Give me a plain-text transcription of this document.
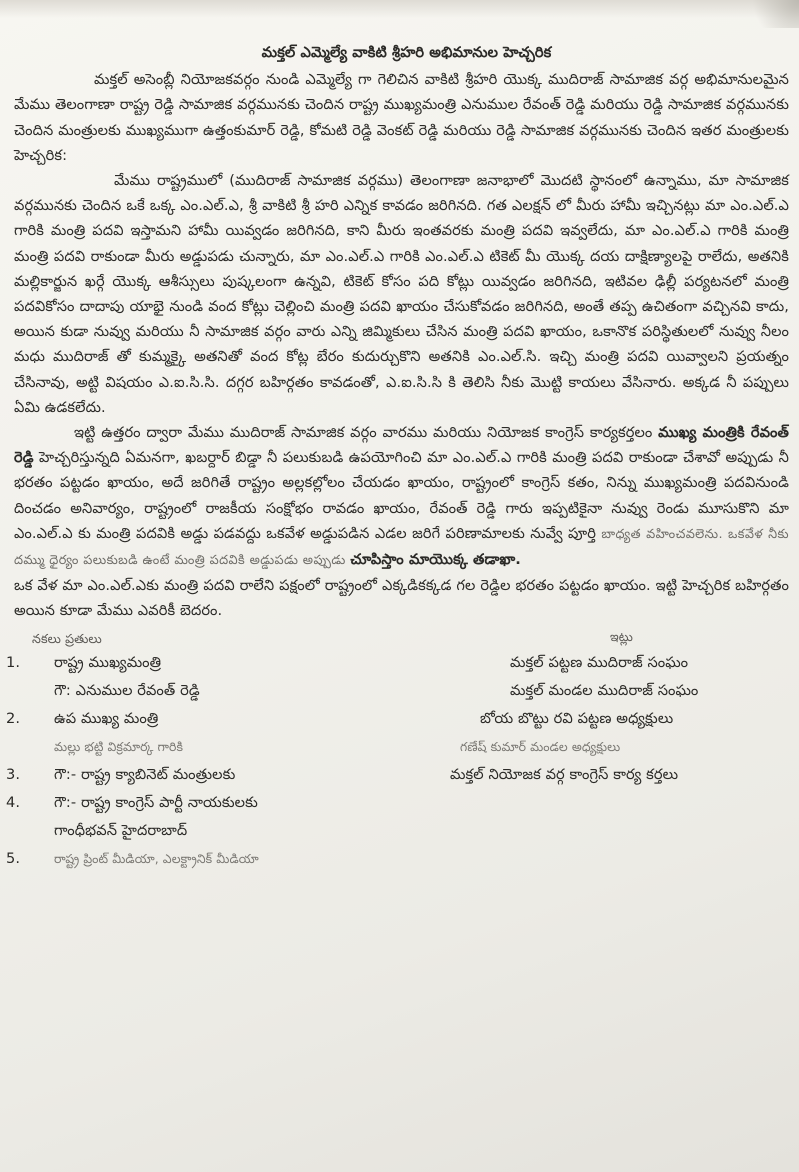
మక్తల్ ఎమ్మెల్యే వాకిటి శ్రీహరి అభిమానుల హెచ్చరిక

మక్తల్ అసెంబ్లీ నియోజకవర్గం నుండి ఎమ్మెల్యే గా గెలిచిన వాకిటి శ్రీహరి యొక్క ముదిరాజ్ సామాజిక వర్గ అభిమానులమైన మేము తెలంగాణా రాష్ట్ర రెడ్డి సామాజిక వర్గమునకు చెందిన రాష్ట్ర ముఖ్యమంత్రి ఎనుముల రేవంత్ రెడ్డి మరియు రెడ్డి సామాజిక వర్గమునకు చెందిన మంత్రులకు ముఖ్యముగా ఉత్తంకుమార్ రెడ్డి, కోమటి రెడ్డి వెంకట్ రెడ్డి మరియు రెడ్డి సామాజిక వర్గమునకు చెందిన ఇతర మంత్రులకు హెచ్చరిక:

మేము రాష్ట్రములో (ముదిరాజ్ సామాజిక వర్గము) తెలంగాణా జనాభాలో మొదటి స్థానంలో ఉన్నాము, మా సామాజిక వర్గమునకు చెందిన ఒకే ఒక్క ఎం.ఎల్.ఎ, శ్రీ వాకిటి శ్రీ హరి ఎన్నిక కావడం జరిగినది. గత ఎలక్షన్ లో మీరు హామీ ఇచ్చినట్లు మా ఎం.ఎల్.ఎ గారికి మంత్రి పదవి ఇస్తామని హామీ యివ్వడం జరిగినది, కాని మీరు ఇంతవరకు మంత్రి పదవి ఇవ్వలేదు, మా ఎం.ఎల్.ఎ గారికి మంత్రి మంత్రి పదవి రాకుండా మీరు అడ్డుపడు చున్నారు, మా ఎం.ఎల్.ఎ గారికి ఎం.ఎల్.ఎ టికెట్ మీ యొక్క దయ దాక్షిణ్యాలపై రాలేదు, అతనికి మల్లికార్జున ఖర్గే యొక్క ఆశీస్సులు పుష్కలంగా ఉన్నవి, టికెట్ కోసం పది కోట్లు యివ్వడం జరిగినది, ఇటివల ఢిల్లీ పర్యటనలో మంత్రి పదవికోసం దాదాపు యాభై నుండి వంద కోట్లు చెల్లించి మంత్రి పదవి ఖాయం చేసుకోవడం జరిగినది, అంతే తప్ప ఉచితంగా వచ్చినవి కాదు, అయిన కుడా నువ్వు మరియు నీ సామాజిక వర్గం వారు ఎన్ని జిమ్మికులు చేసిన మంత్రి పదవి ఖాయం, ఒకానొక పరిస్థితులలో నువ్వు నీలం మధు ముదిరాజ్ తో కుమ్మక్కై అతనితో వంద కోట్ల బేరం కుదుర్చుకొని అతనికి ఎం.ఎల్.సి. ఇచ్చి మంత్రి పదవి యివ్వాలని ప్రయత్నం చేసినావు, అట్టి విషయం ఎ.ఐ.సి.సి. దగ్గర బహిర్గతం కావడంతో, ఎ.ఐ.సి.సి కి తెలిసి నీకు మొట్టి కాయలు వేసినారు. అక్కడ నీ పప్పులు ఏమి ఉడకలేదు.

ఇట్టి ఉత్తరం ద్వారా మేము ముదిరాజ్ సామాజిక వర్గం వారము మరియు నియోజక కాంగ్రెస్ కార్యకర్తలం ముఖ్య మంత్రికి రేవంత్ రెడ్డి హెచ్చరిస్తున్నది ఏమనగా, ఖబర్దార్ బిడ్డా నీ పలుకుబడి ఉపయోగించి మా ఎం.ఎల్.ఎ గారికి మంత్రి పదవి రాకుండా చేశావో అప్పుడు నీ భరతం పట్టడం ఖాయం, అదే జరిగితే రాష్ట్రం అల్లకల్లోలం చేయడం ఖాయం, రాష్ట్రంలో కాంగ్రెస్ కతం, నిన్ను ముఖ్యమంత్రి పదవినుండి దించడం అనివార్యం, రాష్ట్రంలో రాజకీయ సంక్షోభం రావడం ఖాయం, రేవంత్ రెడ్డి గారు ఇప్పటికైనా నువ్వు రెండు మూసుకొని మా ఎం.ఎల్.ఎ కు మంత్రి పదవికి అడ్డు పడవద్దు ఒకవేళ అడ్డుపడిన ఎడల జరిగే పరిణామాలకు నువ్వే పూర్తి బాధ్యత వహించవలెను. ఒకవేళ నీకు దమ్ము ధైర్యం పలుకుబడి ఉంటే మంత్రి పదవికి అడ్డుపడు అప్పుడు చూపిస్తాం మాయొక్క తడాఖా.

ఒక వేళ మా ఎం.ఎల్.ఎకు మంత్రి పదవి రాలేని పక్షంలో రాష్ట్రంలో ఎక్కడికక్కడ గల రెడ్డిల భరతం పట్టడం ఖాయం. ఇట్టి హెచ్చరిక బహిర్గతం అయిన కూడా మేము ఎవరికీ బెదరం.

నకలు ప్రతులు	ఇట్లు
1. రాష్ట్ర ముఖ్యమంత్రి	మక్తల్ పట్టణ ముదిరాజ్ సంఘం
గౌ: ఎనుముల రేవంత్ రెడ్డి	మక్తల్ మండల ముదిరాజ్ సంఘం
2. ఉప ముఖ్య మంత్రి	బోయ బొట్టు రవి పట్టణ అధ్యక్షులు
మల్లు భట్టి విక్రమార్క గారికి	గణేష్ కుమార్ మండల అధ్యక్షులు
3. గౌ:- రాష్ట్ర క్యాబినెట్ మంత్రులకు	మక్తల్ నియోజక వర్గ కాంగ్రెస్ కార్య కర్తలు
4. గౌ:- రాష్ట్ర కాంగ్రెస్ పార్టీ నాయకులకు
గాంధీభవన్ హైదరాబాద్
5.	రాష్ట్ర ప్రింట్ మీడియా, ఎలక్ట్రానిక్ మీడియా
